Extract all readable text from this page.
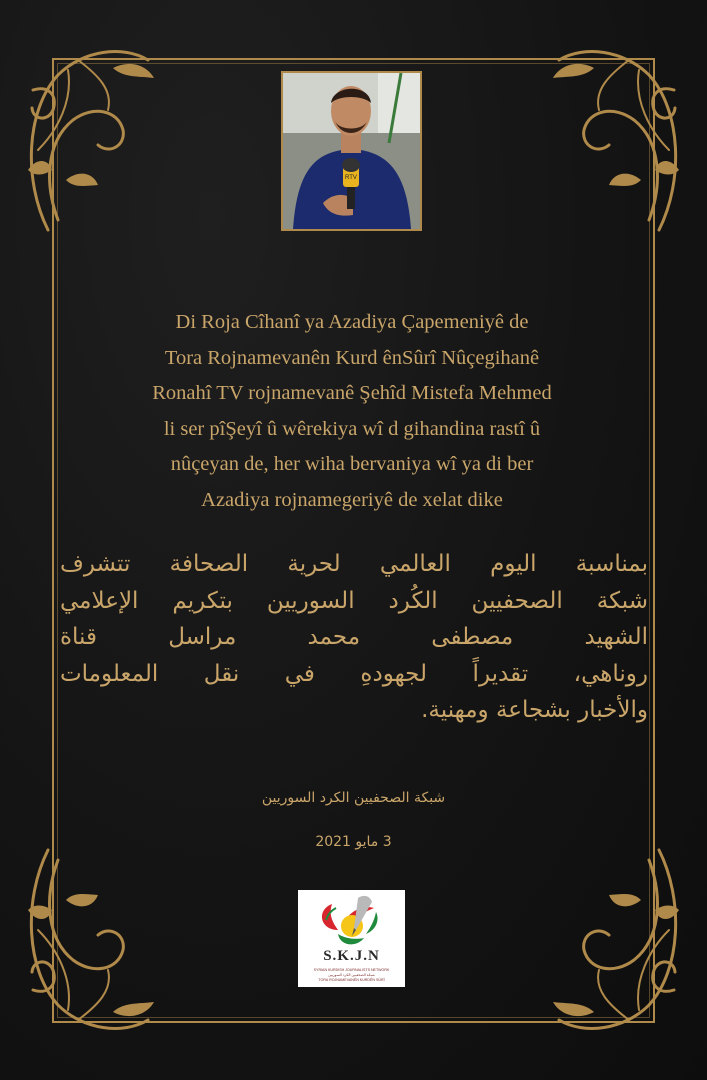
RTV
Di Roja Cîhanî ya Azadiya Çapemeniyê de
Tora Rojnamevanên Kurd ênSûrî Nûçegihanê
Ronahî TV rojnamevanê Şehîd Mistefa Mehmed
li ser pîŞeyî û wêrekiya wî d gihandina rastî û
nûçeyan de, her wiha bervaniya wî ya di ber
Azadiya rojnamegeriyê de xelat dike
بمناسبة اليوم العالمي لحرية الصحافة تتشرف
شبكة الصحفيين الكُرد السوريين بتكريم الإعلامي
الشهيد مصطفى محمد مراسل قناة
روناهي، تقديراً لجهودهِ في نقل المعلومات
والأخبار بشجاعة ومهنية.
شبكة الصحفيين الكرد السوريين
3 مايو 2021
S.K.J.N
SYRIAN KURDISH JOURNALISTS NETWORK
شبكة الصحفيين الكرد السوريين
TORA ROJNAMEVANÊN KURDÊN SÛRÎ
